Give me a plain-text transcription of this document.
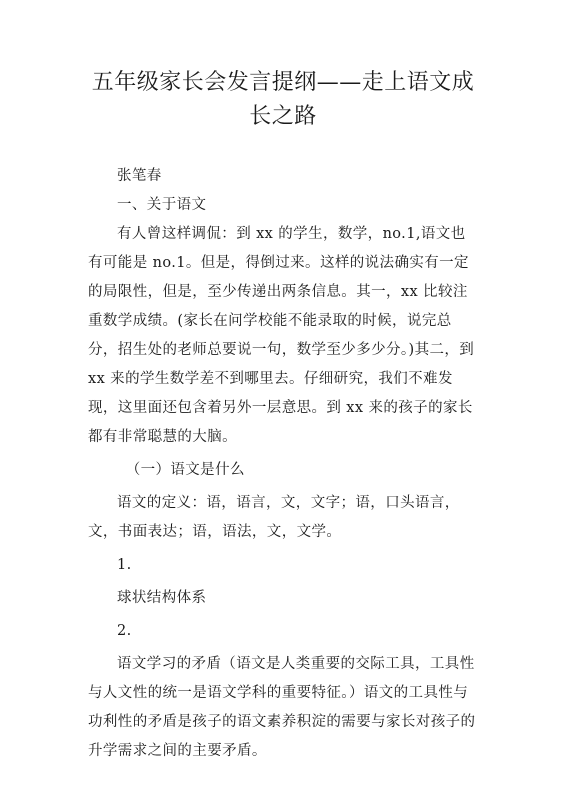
五年级家长会发言提纲——走上语文成
长之路

张笔春

一、关于语文

有人曾这样调侃：到 xx 的学生，数学，no.1,语文也有可能是 no.1。但是，得倒过来。这样的说法确实有一定的局限性，但是，至少传递出两条信息。其一，xx 比较注重数学成绩。(家长在问学校能不能录取的时候，说完总分，招生处的老师总要说一句，数学至少多少分。)其二，到 xx 来的学生数学差不到哪里去。仔细研究，我们不难发现，这里面还包含着另外一层意思。到 xx 来的孩子的家长都有非常聪慧的大脑。

（一）语文是什么

语文的定义：语，语言，文，文字；语，口头语言，文，书面表达；语，语法，文，文学。

1.

球状结构体系

2.

语文学习的矛盾（语文是人类重要的交际工具，工具性与人文性的统一是语文学科的重要特征。）语文的工具性与功利性的矛盾是孩子的语文素养积淀的需要与家长对孩子的升学需求之间的主要矛盾。
